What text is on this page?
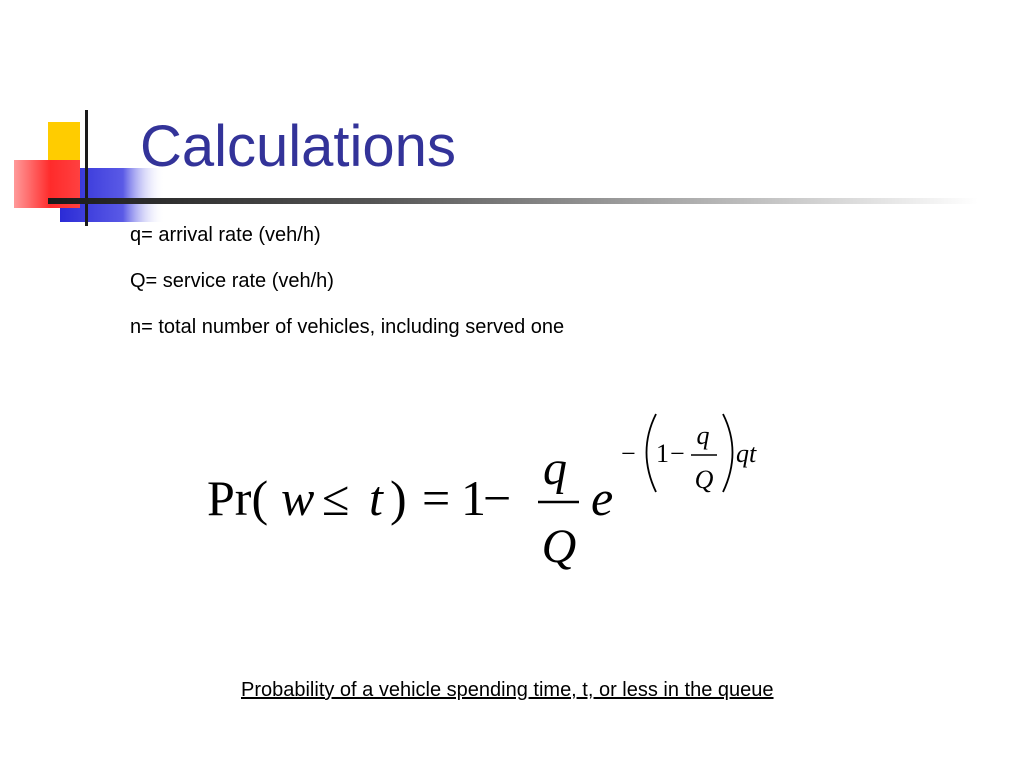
Calculations
q= arrival rate (veh/h)
Q= service rate (veh/h)
n= total number of vehicles, including served one
Pr( w ≤ t ) = 1
−
q
Q
e
− 1 −
q
Q
qt

Probability of a vehicle spending time, t, or less in the queue
